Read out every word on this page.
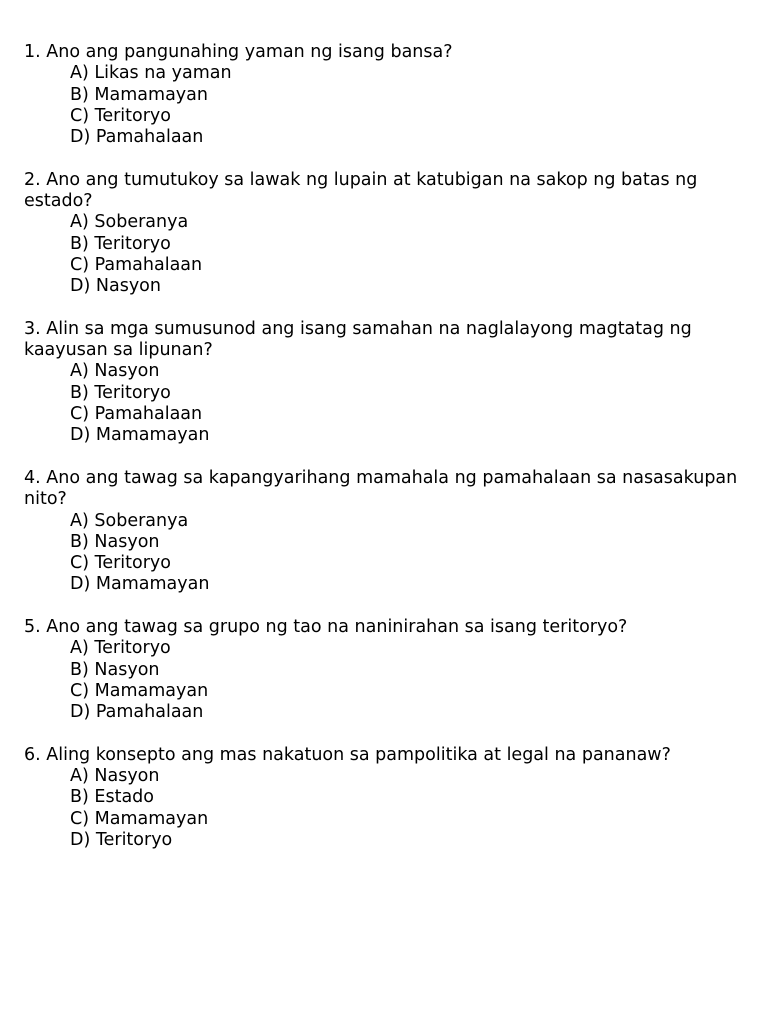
1. Ano ang pangunahing yaman ng isang bansa?
A) Likas na yaman
B) Mamamayan
C) Teritoryo
D) Pamahalaan
2. Ano ang tumutukoy sa lawak ng lupain at katubigan na sakop ng batas ng estado?
A) Soberanya
B) Teritoryo
C) Pamahalaan
D) Nasyon
3. Alin sa mga sumusunod ang isang samahan na naglalayong magtatag ng kaayusan sa lipunan?
A) Nasyon
B) Teritoryo
C) Pamahalaan
D) Mamamayan
4. Ano ang tawag sa kapangyarihang mamahala ng pamahalaan sa nasasakupan nito?
A) Soberanya
B) Nasyon
C) Teritoryo
D) Mamamayan
5. Ano ang tawag sa grupo ng tao na naninirahan sa isang teritoryo?
A) Teritoryo
B) Nasyon
C) Mamamayan
D) Pamahalaan
6. Aling konsepto ang mas nakatuon sa pampolitika at legal na pananaw?
A) Nasyon
B) Estado
C) Mamamayan
D) Teritoryo
